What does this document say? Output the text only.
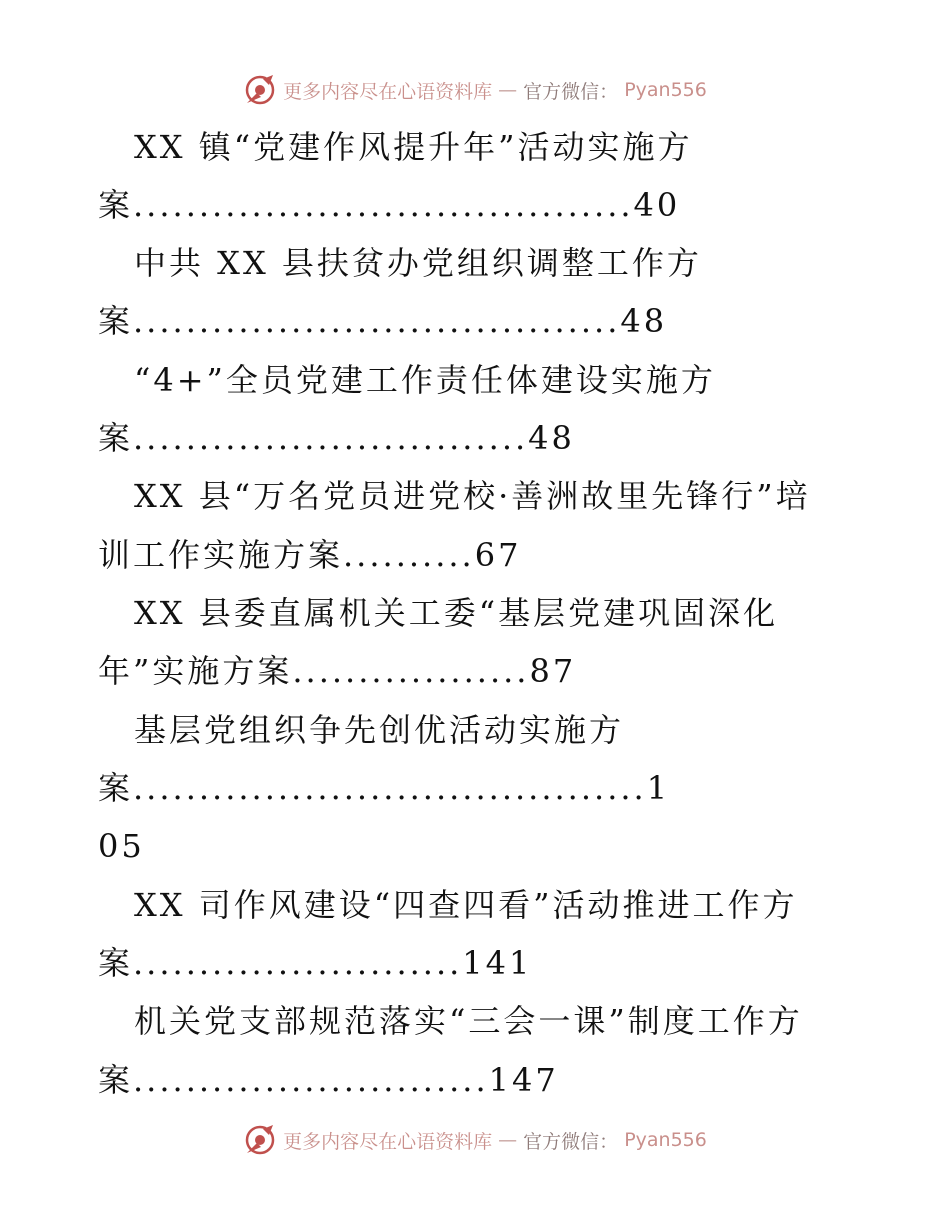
更多内容尽在心语资料库 — 官方微信： Pyan556
XX 镇“党建作风提升年”活动实施方
案......................................40
中共 XX 县扶贫办党组织调整工作方
案.....................................48
“4+”全员党建工作责任体建设实施方
案..............................48
XX 县“万名党员进党校·善洲故里先锋行”培
训工作实施方案..........67
XX 县委直属机关工委“基层党建巩固深化
年”实施方案..................87
基层党组织争先创优活动实施方
案.......................................1
05
XX 司作风建设“四查四看”活动推进工作方
案.........................141
机关党支部规范落实“三会一课”制度工作方
案...........................147
更多内容尽在心语资料库 — 官方微信： Pyan556
